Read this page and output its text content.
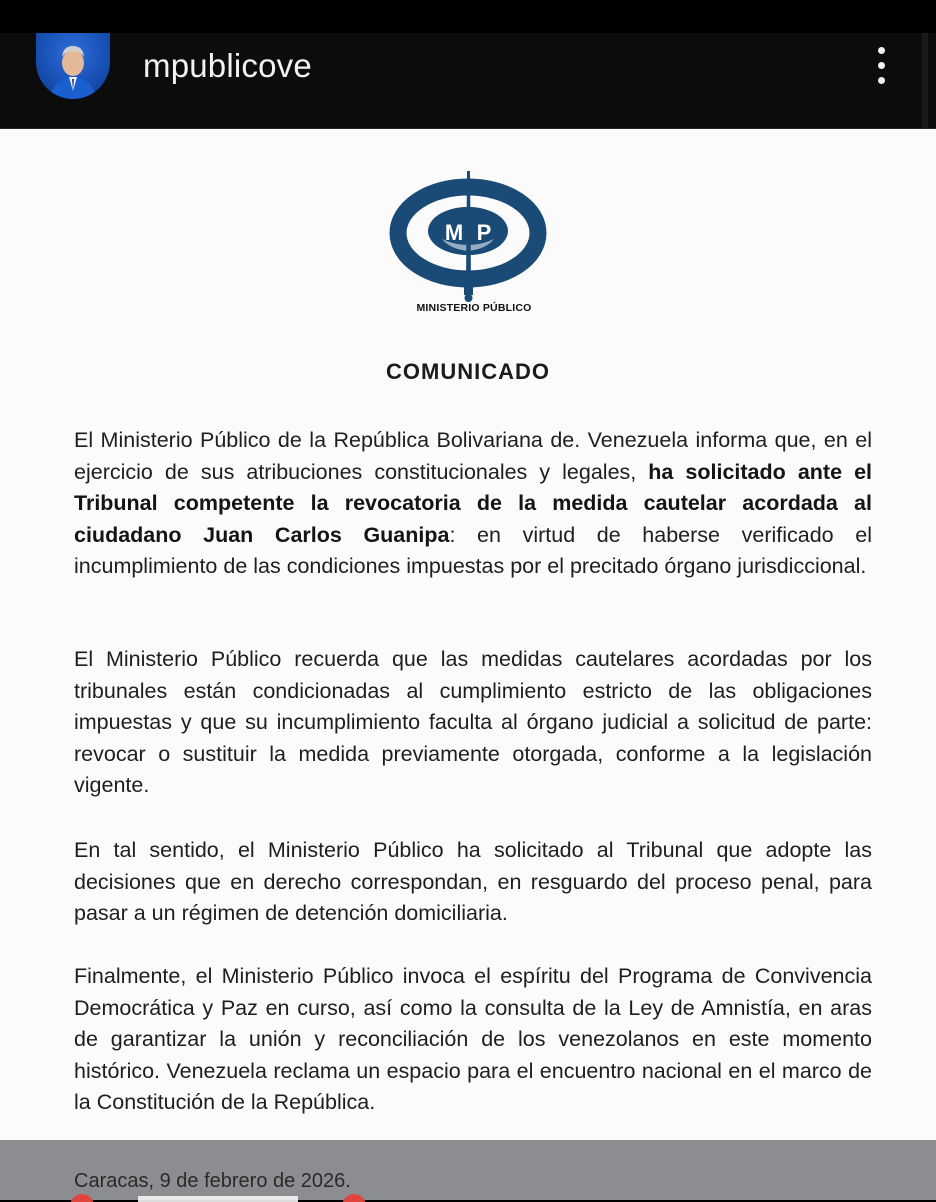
mpublicove
M P
MINISTERIO PÚBLICO
COMUNICADO

El Ministerio Público de la República Bolivariana de. Venezuela informa que, en el ejercicio de sus atribuciones constitucionales y legales, ha solicitado ante el Tribunal competente la revocatoria de la medida cautelar acordada al ciudadano Juan Carlos Guanipa: en virtud de haberse verificado el incumplimiento de las condiciones impuestas por el precitado órgano jurisdiccional.

El Ministerio Público recuerda que las medidas cautelares acordadas por los tribunales están condicionadas al cumplimiento estricto de las obligaciones impuestas y que su incumplimiento faculta al órgano judicial a solicitud de parte: revocar o sustituir la medida previamente otorgada, conforme a la legislación vigente.

En tal sentido, el Ministerio Público ha solicitado al Tribunal que adopte las decisiones que en derecho correspondan, en resguardo del proceso penal, para pasar a un régimen de detención domiciliaria.

Finalmente, el Ministerio Público invoca el espíritu del Programa de Convivencia Democrática y Paz en curso, así como la consulta de la Ley de Amnistía, en aras de garantizar la unión y reconciliación de los venezolanos en este momento histórico. Venezuela reclama un espacio para el encuentro nacional en el marco de la Constitución de la República.

Caracas, 9 de febrero de 2026.
